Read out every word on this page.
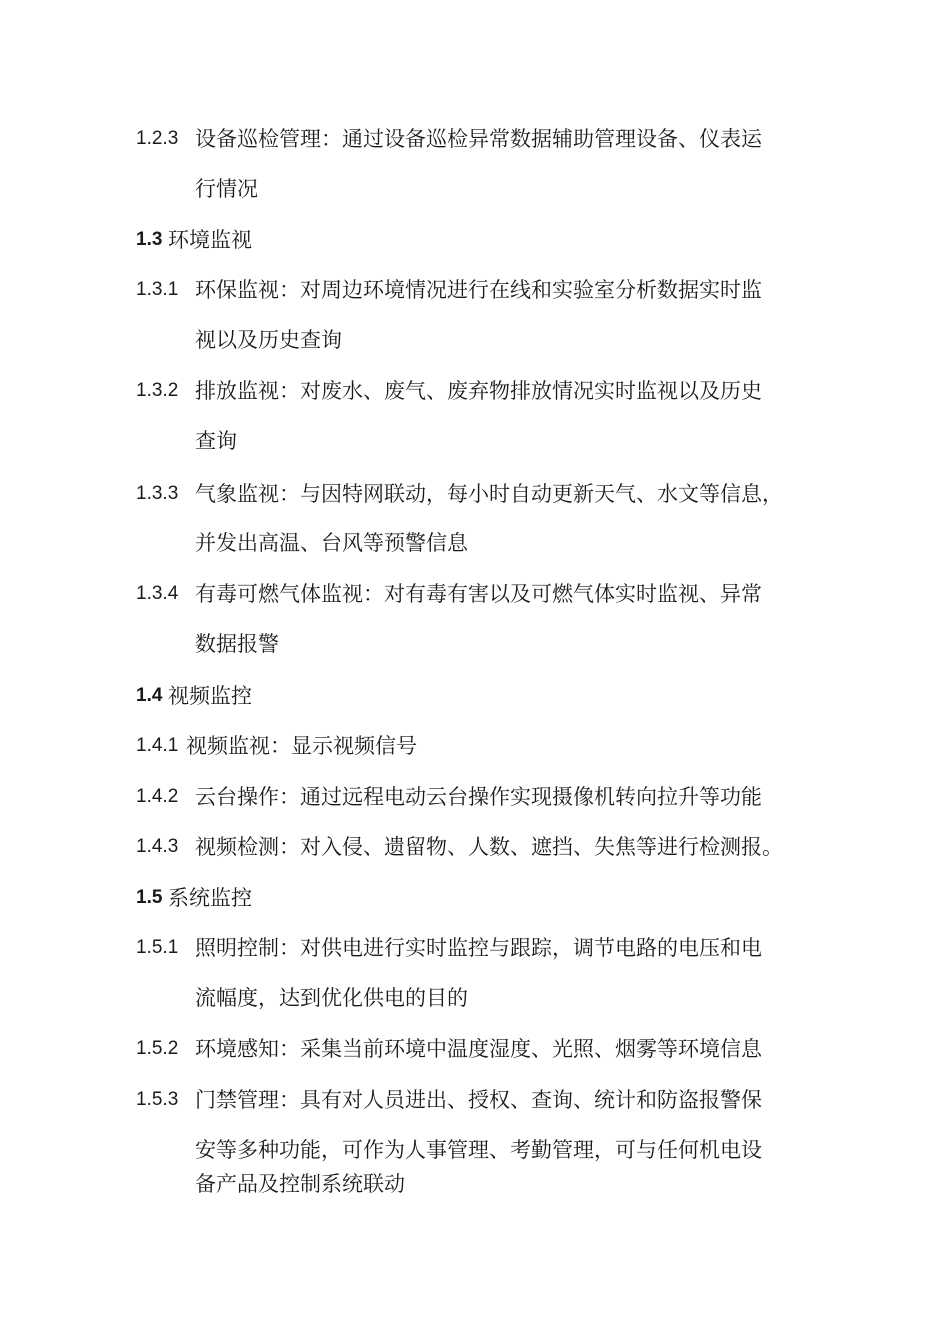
1.2.3 设备巡检管理：通过设备巡检异常数据辅助管理设备、仪表运
行情况
1.3 环境监视
1.3.1 环保监视：对周边环境情况进行在线和实验室分析数据实时监
视以及历史查询
1.3.2 排放监视：对废水、废气、废弃物排放情况实时监视以及历史
查询
1.3.3 气象监视：与因特网联动，每小时自动更新天气、水文等信息，
并发出高温、台风等预警信息
1.3.4 有毒可燃气体监视：对有毒有害以及可燃气体实时监视、异常
数据报警
1.4 视频监控
1.4.1 视频监视：显示视频信号
1.4.2 云台操作：通过远程电动云台操作实现摄像机转向拉升等功能
1.4.3 视频检测：对入侵、遗留物、人数、遮挡、失焦等进行检测报。
1.5 系统监控
1.5.1 照明控制：对供电进行实时监控与跟踪，调节电路的电压和电
流幅度，达到优化供电的目的
1.5.2 环境感知：采集当前环境中温度湿度、光照、烟雾等环境信息
1.5.3 门禁管理：具有对人员进出、授权、查询、统计和防盗报警保
安等多种功能，可作为人事管理、考勤管理，可与任何机电设
备产品及控制系统联动
